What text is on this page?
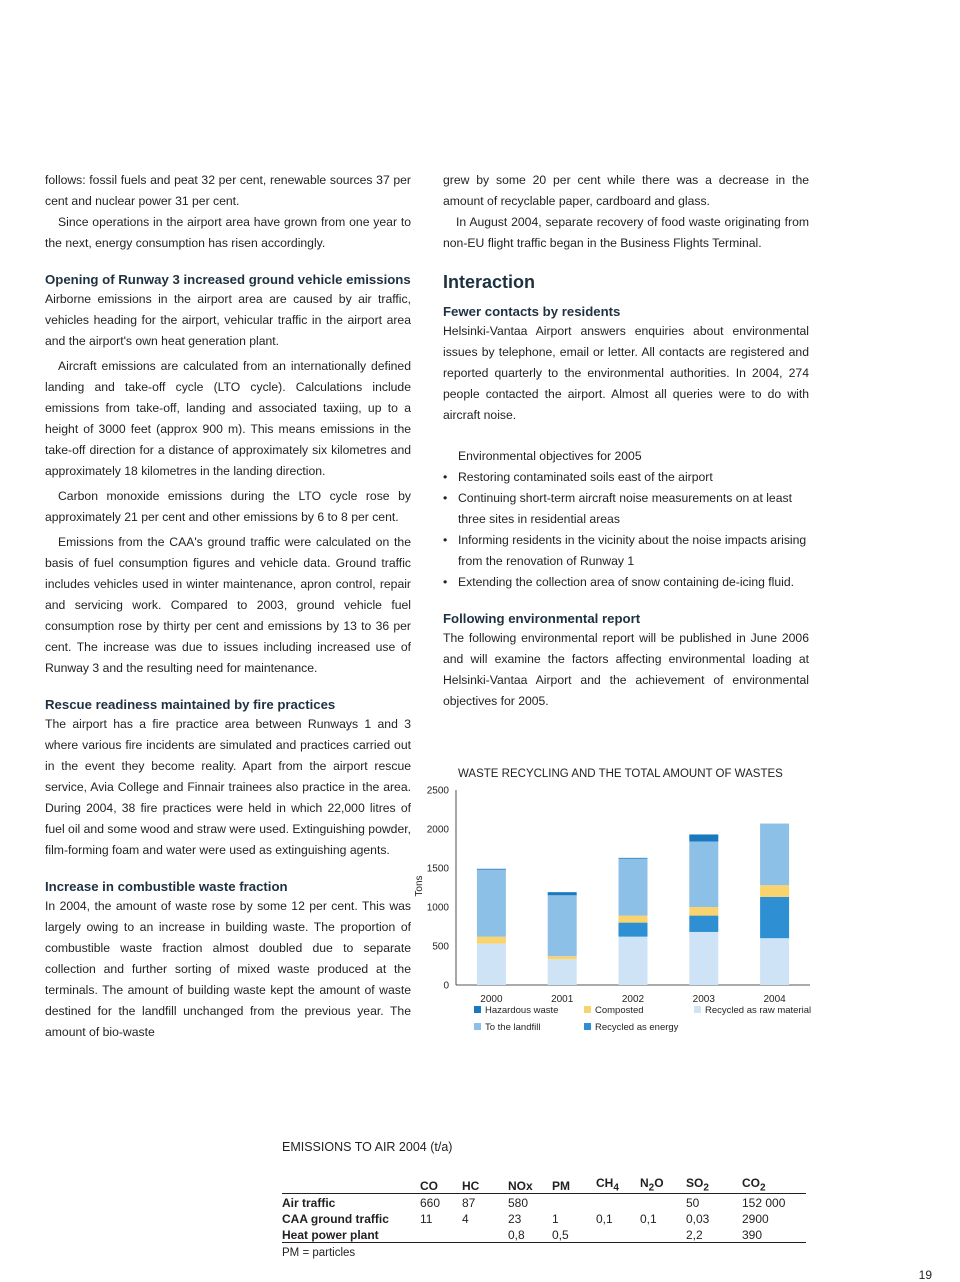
follows: fossil fuels and peat 32 per cent, renewable sources 37 per cent and nuclear power 31 per cent.

Since operations in the airport area have grown from one year to the next, energy consumption has risen accordingly.

Opening of Runway 3 increased ground vehicle emissions

Airborne emissions in the airport area are caused by air traffic, vehicles heading for the airport, vehicular traffic in the airport area and the airport's own heat generation plant.

Aircraft emissions are calculated from an internationally defined landing and take-off cycle (LTO cycle). Calculations include emissions from take-off, landing and associated taxiing, up to a height of 3000 feet (approx 900 m). This means emissions in the take-off direction for a distance of approximately six kilometres and approximately 18 kilometres in the landing direction.

Carbon monoxide emissions during the LTO cycle rose by approximately 21 per cent and other emissions by 6 to 8 per cent.

Emissions from the CAA's ground traffic were calculated on the basis of fuel consumption figures and vehicle data. Ground traffic includes vehicles used in winter maintenance, apron control, repair and servicing work. Compared to 2003, ground vehicle fuel consumption rose by thirty per cent and emissions by 13 to 36 per cent. The increase was due to issues including increased use of Runway 3 and the resulting need for maintenance.

Rescue readiness maintained by fire practices

The airport has a fire practice area between Runways 1 and 3 where various fire incidents are simulated and practices carried out in the event they become reality. Apart from the airport rescue service, Avia College and Finnair trainees also practice in the area. During 2004, 38 fire practices were held in which 22,000 litres of fuel oil and some wood and straw were used. Extinguishing powder, film-forming foam and water were used as extinguishing agents.

Increase in combustible waste fraction

In 2004, the amount of waste rose by some 12 per cent. This was largely owing to an increase in building waste. The proportion of combustible waste fraction almost doubled due to separate collection and further sorting of mixed waste produced at the terminals. The amount of building waste kept the amount of waste destined for the landfill unchanged from the previous year. The amount of bio-waste

grew by some 20 per cent while there was a decrease in the amount of recyclable paper, cardboard and glass.

In August 2004, separate recovery of food waste originating from non-EU flight traffic began in the Business Flights Terminal.

Interaction
Fewer contacts by residents

Helsinki-Vantaa Airport answers enquiries about environmental issues by telephone, email or letter. All contacts are registered and reported quarterly to the environmental authorities. In 2004, 274 people contacted the airport. Almost all queries were to do with aircraft noise.

Environmental objectives for 2005
• Restoring contaminated soils east of the airport
• Continuing short-term aircraft noise measurements on at least three sites in residential areas
• Informing residents in the vicinity about the noise impacts arising from the renovation of Runway 1
• Extending the collection area of snow containing de-icing fluid.
Following environmental report

The following environmental report will be published in June 2006 and will examine the factors affecting environmental loading at Helsinki-Vantaa Airport and the achievement of environmental objectives for 2005.

WASTE RECYCLING AND THE TOTAL AMOUNT OF WASTES
Tons
0
500
1000
1500
2000
2500
2000	2001	2002	2003	2004
Hazardous waste	Composted	Recycled as raw material
To the landfill	Recycled as energy
EMISSIONS TO AIR 2004 (t/a)
	CO	HC	NOx	PM	$CH_4$	$N_2O$	$SO_2$	$CO_2$
Air traffic	660	87	580				50	152 000
CAA ground traffic	11	4	23	1	0,1	0,1	0,03	2900
Heat power plant			0,8	0,5			2,2	390
PM = particles
19
